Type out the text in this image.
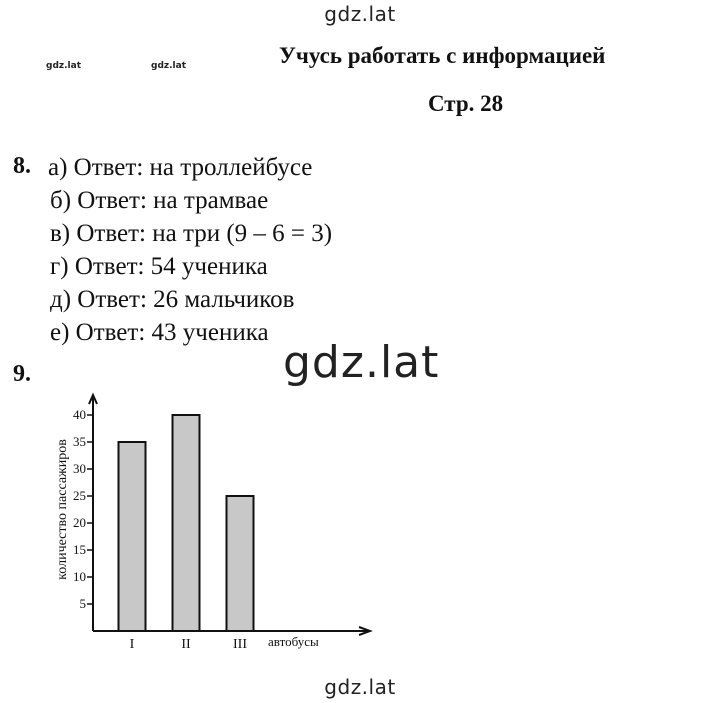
gdz.lat
gdz.lat	gdz.lat	Учусь работать с информацией
Стр. 28
8. а) Ответ: на троллейбусе
б) Ответ: на трамвае
в) Ответ: на три (9 – 6 = 3)
г) Ответ: 54 ученика
д) Ответ: 26 мальчиков
е) Ответ: 43 ученика
9.
5
10
15
20
25
30
35
40
количество пассажиров
I	II	III автобусы
gdz.lat
gdz.lat
